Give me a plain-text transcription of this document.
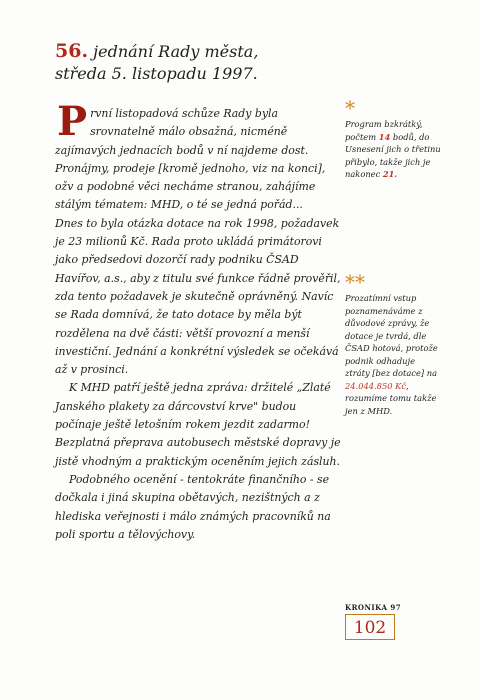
56. jednání Rady města,
středa 5. listopadu 1997.
P rvní listopadová schůze Rady byla srovnatelně málo obsažná, nicméně zajímavých jednacích bodů v ní najdeme dost. Pronájmy, prodeje [kromě jednoho, viz na konci], ožv a podobné věci necháme stranou, zahájíme stálým tématem: MHD, o té se jedná pořád...

Dnes to byla otázka dotace na rok 1998, požadavek je 23 milionů Kč. Rada proto ukládá primátorovi jako předsedovi dozorčí rady podniku ČSAD Havířov, a.s., aby z titulu své funkce řádně prověřil, zda tento požadavek je skutečně oprávněný. Navíc se Rada domnívá, že tato dotace by měla být rozdělena na dvě části: větší provozní a menší investiční. Jednání a konkrétní výsledek se očekává až v prosinci.

K MHD patří ještě jedna zpráva: držitelé „Zlaté Janského plakety za dárcovství krve" budou počínaje ještě letošním rokem jezdit zadarmo! Bezplatná přeprava autobusech městské dopravy je jistě vhodným a praktickým oceněním jejich zásluh.

Podobného ocenění - tentokráte finančního - se dočkala i jiná skupina obětavých, nezištných a z hlediska veřejnosti i málo známých pracovníků na poli sportu a tělovýchovy.

*
Program bzkrátký, počtem 14 bodů, do Usnesení jich o třetinu přibylo, takže jich je nakonec 21.
**
Prozatímní vstup poznamenáváme z důvodové zprávy, že dotace je tvrdá, dle ČSAD hotová, protože podnik odhaduje ztráty [bez dotace] na 24.044.850 Kč, rozumíme tomu takže jen z MHD.
KRONIKA 97
102
